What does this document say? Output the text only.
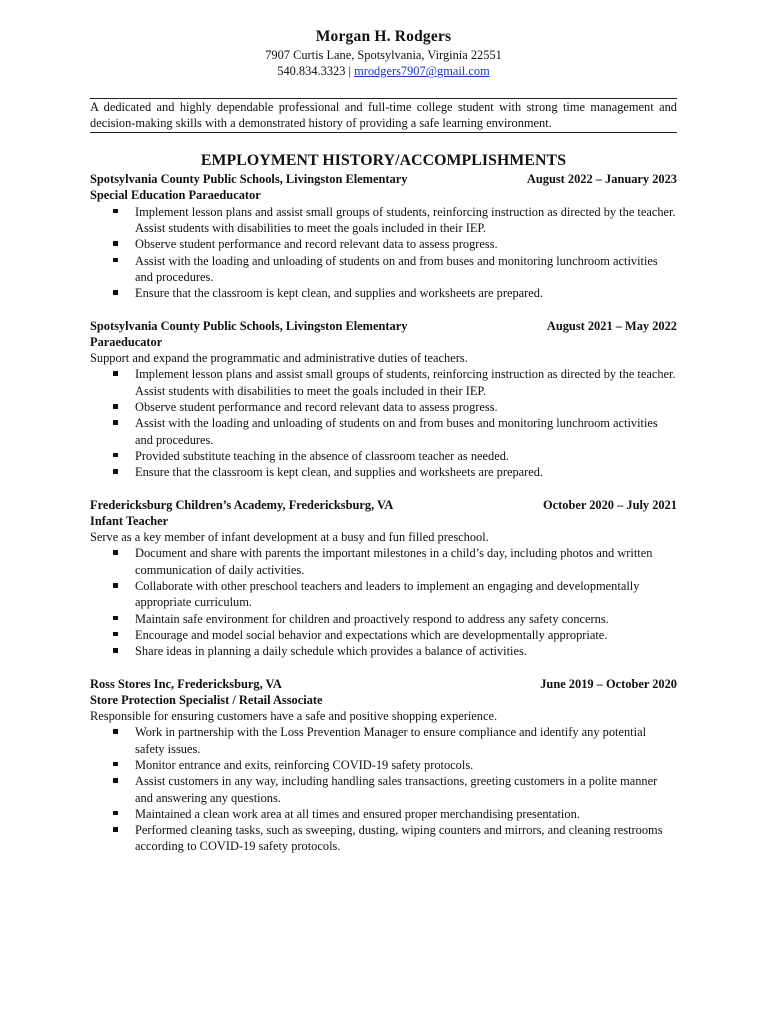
Morgan H. Rodgers
7907 Curtis Lane, Spotsylvania, Virginia 22551
540.834.3323 | mrodgers7907@gmail.com
A dedicated and highly dependable professional and full-time college student with strong time management and decision-making skills with a demonstrated history of providing a safe learning environment.
EMPLOYMENT HISTORY/ACCOMPLISHMENTS
Spotsylvania County Public Schools, Livingston Elementary	August 2022 – January 2023
Special Education Paraeducator
Implement lesson plans and assist small groups of students, reinforcing instruction as directed by the teacher. Assist students with disabilities to meet the goals included in their IEP.
Observe student performance and record relevant data to assess progress.
Assist with the loading and unloading of students on and from buses and monitoring lunchroom activities and procedures.
Ensure that the classroom is kept clean, and supplies and worksheets are prepared.
Spotsylvania County Public Schools, Livingston Elementary	August 2021 – May 2022
Paraeducator
Support and expand the programmatic and administrative duties of teachers.
Implement lesson plans and assist small groups of students, reinforcing instruction as directed by the teacher. Assist students with disabilities to meet the goals included in their IEP.
Observe student performance and record relevant data to assess progress.
Assist with the loading and unloading of students on and from buses and monitoring lunchroom activities and procedures.
Provided substitute teaching in the absence of classroom teacher as needed.
Ensure that the classroom is kept clean, and supplies and worksheets are prepared.
Fredericksburg Children’s Academy, Fredericksburg, VA	October 2020 – July 2021
Infant Teacher
Serve as a key member of infant development at a busy and fun filled preschool.
Document and share with parents the important milestones in a child’s day, including photos and written communication of daily activities.
Collaborate with other preschool teachers and leaders to implement an engaging and developmentally appropriate curriculum.
Maintain safe environment for children and proactively respond to address any safety concerns.
Encourage and model social behavior and expectations which are developmentally appropriate.
Share ideas in planning a daily schedule which provides a balance of activities.
Ross Stores Inc, Fredericksburg, VA	June 2019 – October 2020
Store Protection Specialist / Retail Associate
Responsible for ensuring customers have a safe and positive shopping experience.
Work in partnership with the Loss Prevention Manager to ensure compliance and identify any potential safety issues.
Monitor entrance and exits, reinforcing COVID-19 safety protocols.
Assist customers in any way, including handling sales transactions, greeting customers in a polite manner and answering any questions.
Maintained a clean work area at all times and ensured proper merchandising presentation.
Performed cleaning tasks, such as sweeping, dusting, wiping counters and mirrors, and cleaning restrooms according to COVID-19 safety protocols.
